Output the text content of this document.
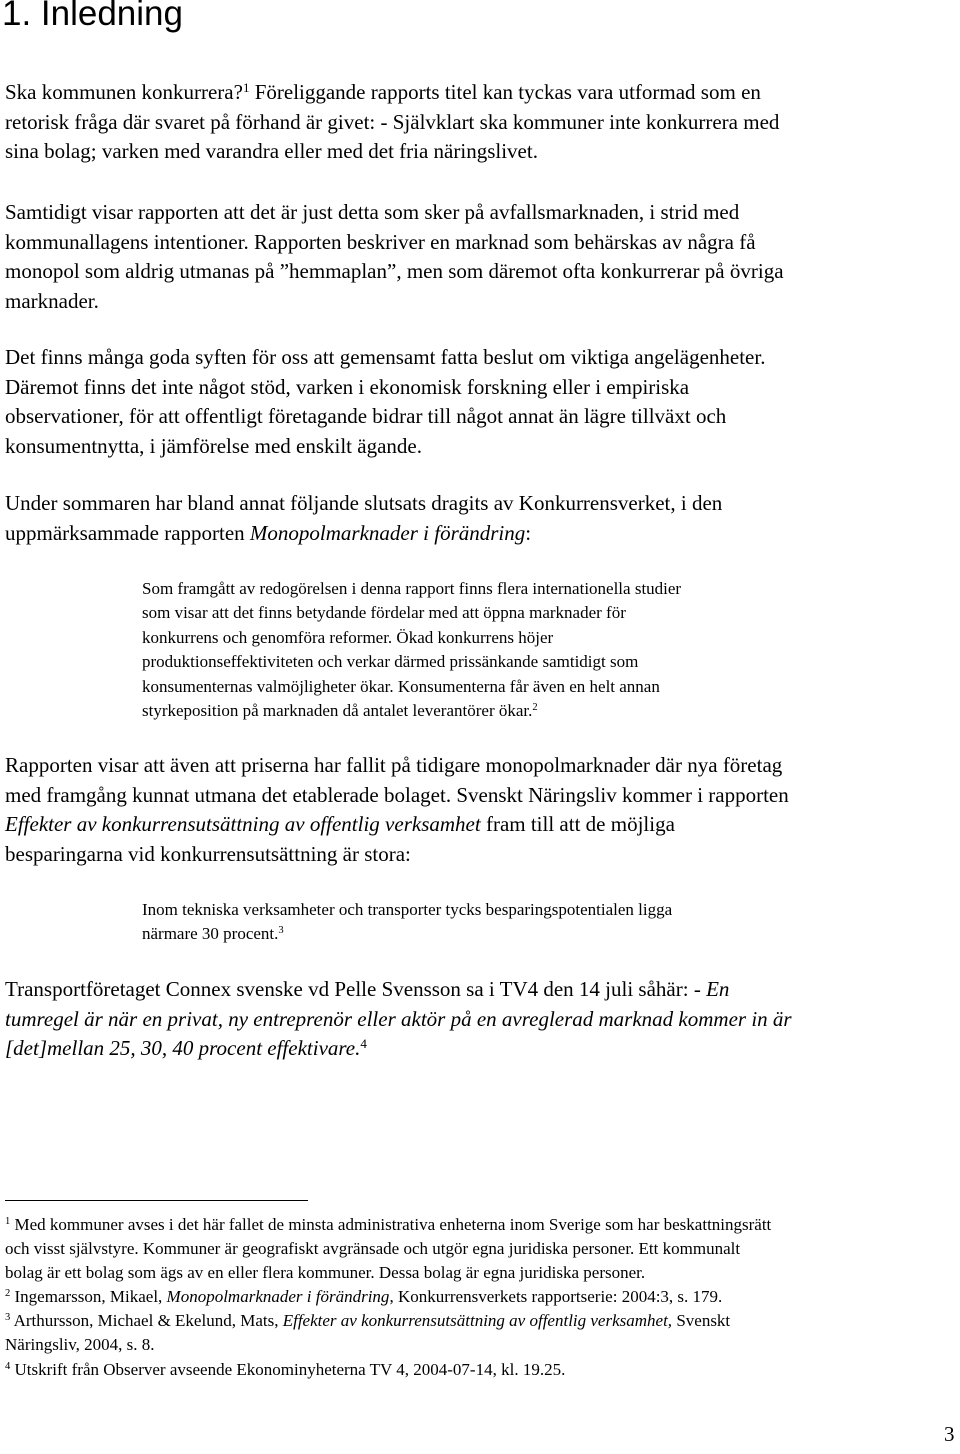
1. Inledning

Ska kommunen konkurrera?$^1$ Föreliggande rapports titel kan tyckas vara utformad som en
retorisk fråga där svaret på förhand är givet: - Självklart ska kommuner inte konkurrera med
sina bolag; varken med varandra eller med det fria näringslivet.

Samtidigt visar rapporten att det är just detta som sker på avfallsmarknaden, i strid med
kommunallagens intentioner. Rapporten beskriver en marknad som behärskas av några få
monopol som aldrig utmanas på ”hemmaplan”, men som däremot ofta konkurrerar på övriga
marknader.

Det finns många goda syften för oss att gemensamt fatta beslut om viktiga angelägenheter.
Däremot finns det inte något stöd, varken i ekonomisk forskning eller i empiriska
observationer, för att offentligt företagande bidrar till något annat än lägre tillväxt och
konsumentnytta, i jämförelse med enskilt ägande.

Under sommaren har bland annat följande slutsats dragits av Konkurrensverket, i den
uppmärksammade rapporten Monopolmarknader i förändring:

Som framgått av redogörelsen i denna rapport finns flera internationella studier
som visar att det finns betydande fördelar med att öppna marknader för
konkurrens och genomföra reformer. Ökad konkurrens höjer
produktionseffektiviteten och verkar därmed prissänkande samtidigt som
konsumenternas valmöjligheter ökar. Konsumenterna får även en helt annan
styrkeposition på marknaden då antalet leverantörer ökar.$^2$

Rapporten visar att även att priserna har fallit på tidigare monopolmarknader där nya företag
med framgång kunnat utmana det etablerade bolaget. Svenskt Näringsliv kommer i rapporten
Effekter av konkurrensutsättning av offentlig verksamhet fram till att de möjliga
besparingarna vid konkurrensutsättning är stora:

Inom tekniska verksamheter och transporter tycks besparingspotentialen ligga
närmare 30 procent.$^3$

Transportföretaget Connex svenske vd Pelle Svensson sa i TV4 den 14 juli såhär: - En
tumregel är när en privat, ny entreprenör eller aktör på en avreglerad marknad kommer in är
[det]mellan 25, 30, 40 procent effektivare.$^4$

$^1$ Med kommuner avses i det här fallet de minsta administrativa enheterna inom Sverige som har beskattningsrätt
och visst självstyre. Kommuner är geografiskt avgränsade och utgör egna juridiska personer. Ett kommunalt
bolag är ett bolag som ägs av en eller flera kommuner. Dessa bolag är egna juridiska personer.
$^2$ Ingemarsson, Mikael, Monopolmarknader i förändring, Konkurrensverkets rapportserie: 2004:3, s. 179.
$^3$ Arthursson, Michael & Ekelund, Mats, Effekter av konkurrensutsättning av offentlig verksamhet, Svenskt
Näringsliv, 2004, s. 8.
$^4$ Utskrift från Observer avseende Ekonominyheterna TV 4, 2004-07-14, kl. 19.25.
3
